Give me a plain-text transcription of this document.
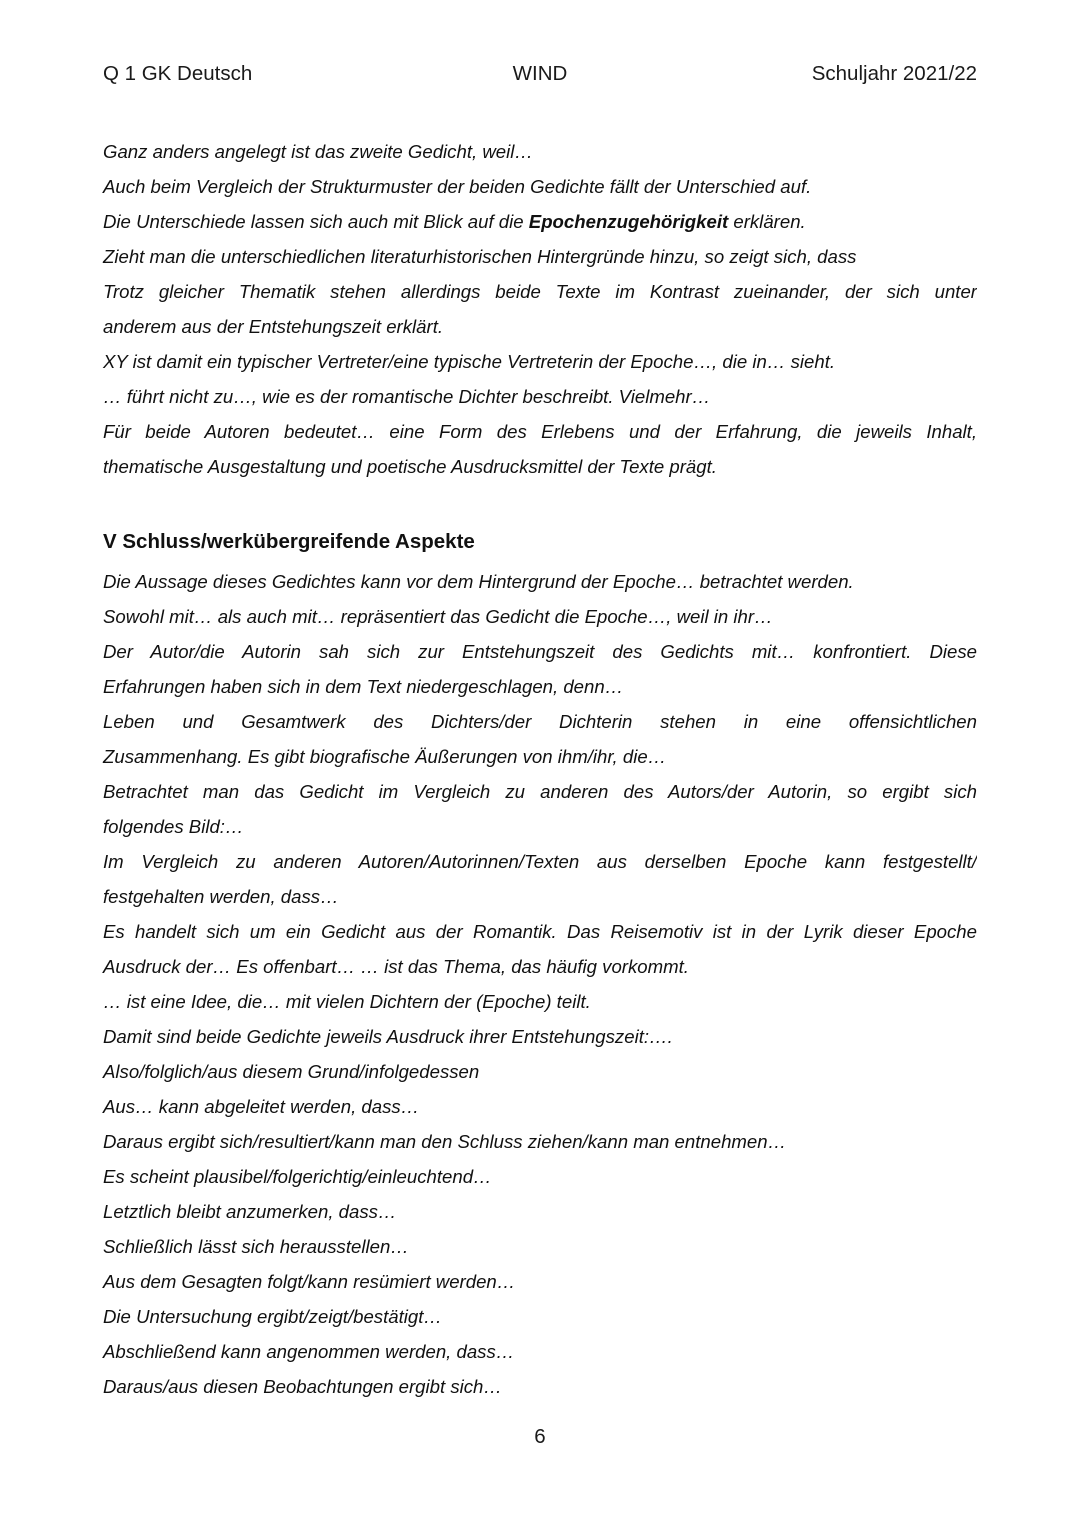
Q 1 GK Deutsch	WIND	Schuljahr 2021/22
Ganz anders angelegt ist das zweite Gedicht, weil…
Auch beim Vergleich der Strukturmuster der beiden Gedichte fällt der Unterschied auf.
Die Unterschiede lassen sich auch mit Blick auf die Epochenzugehörigkeit erklären.
Zieht man die unterschiedlichen literaturhistorischen Hintergründe hinzu, so zeigt sich, dass
Trotz gleicher Thematik stehen allerdings beide Texte im Kontrast zueinander, der sich unter
anderem aus der Entstehungszeit erklärt.
XY ist damit ein typischer Vertreter/eine typische Vertreterin der Epoche…, die in… sieht.
… führt nicht zu…, wie es der romantische Dichter beschreibt. Vielmehr…
Für beide Autoren bedeutet… eine Form des Erlebens und der Erfahrung, die jeweils Inhalt,
thematische Ausgestaltung und poetische Ausdrucksmittel der Texte prägt.
V Schluss/werkübergreifende Aspekte
Die Aussage dieses Gedichtes kann vor dem Hintergrund der Epoche… betrachtet werden.
Sowohl mit… als auch mit… repräsentiert das Gedicht die Epoche…, weil in ihr…
Der Autor/die Autorin sah sich zur Entstehungszeit des Gedichts mit… konfrontiert. Diese
Erfahrungen haben sich in dem Text niedergeschlagen, denn…
Leben und Gesamtwerk des Dichters/der Dichterin stehen in eine offensichtlichen
Zusammenhang. Es gibt biografische Äußerungen von ihm/ihr, die…
Betrachtet man das Gedicht im Vergleich zu anderen des Autors/der Autorin, so ergibt sich
folgendes Bild:…
Im Vergleich zu anderen Autoren/Autorinnen/Texten aus derselben Epoche kann festgestellt/
festgehalten werden, dass…
Es handelt sich um ein Gedicht aus der Romantik. Das Reisemotiv ist in der Lyrik dieser Epoche
Ausdruck der… Es offenbart… … ist das Thema, das häufig vorkommt.
… ist eine Idee, die… mit vielen Dichtern der (Epoche) teilt.
Damit sind beide Gedichte jeweils Ausdruck ihrer Entstehungszeit:….
Also/folglich/aus diesem Grund/infolgedessen
Aus… kann abgeleitet werden, dass…
Daraus ergibt sich/resultiert/kann man den Schluss ziehen/kann man entnehmen…
Es scheint plausibel/folgerichtig/einleuchtend…
Letztlich bleibt anzumerken, dass…
Schließlich lässt sich herausstellen…
Aus dem Gesagten folgt/kann resümiert werden…
Die Untersuchung ergibt/zeigt/bestätigt…
Abschließend kann angenommen werden, dass…
Daraus/aus diesen Beobachtungen ergibt sich…
6
